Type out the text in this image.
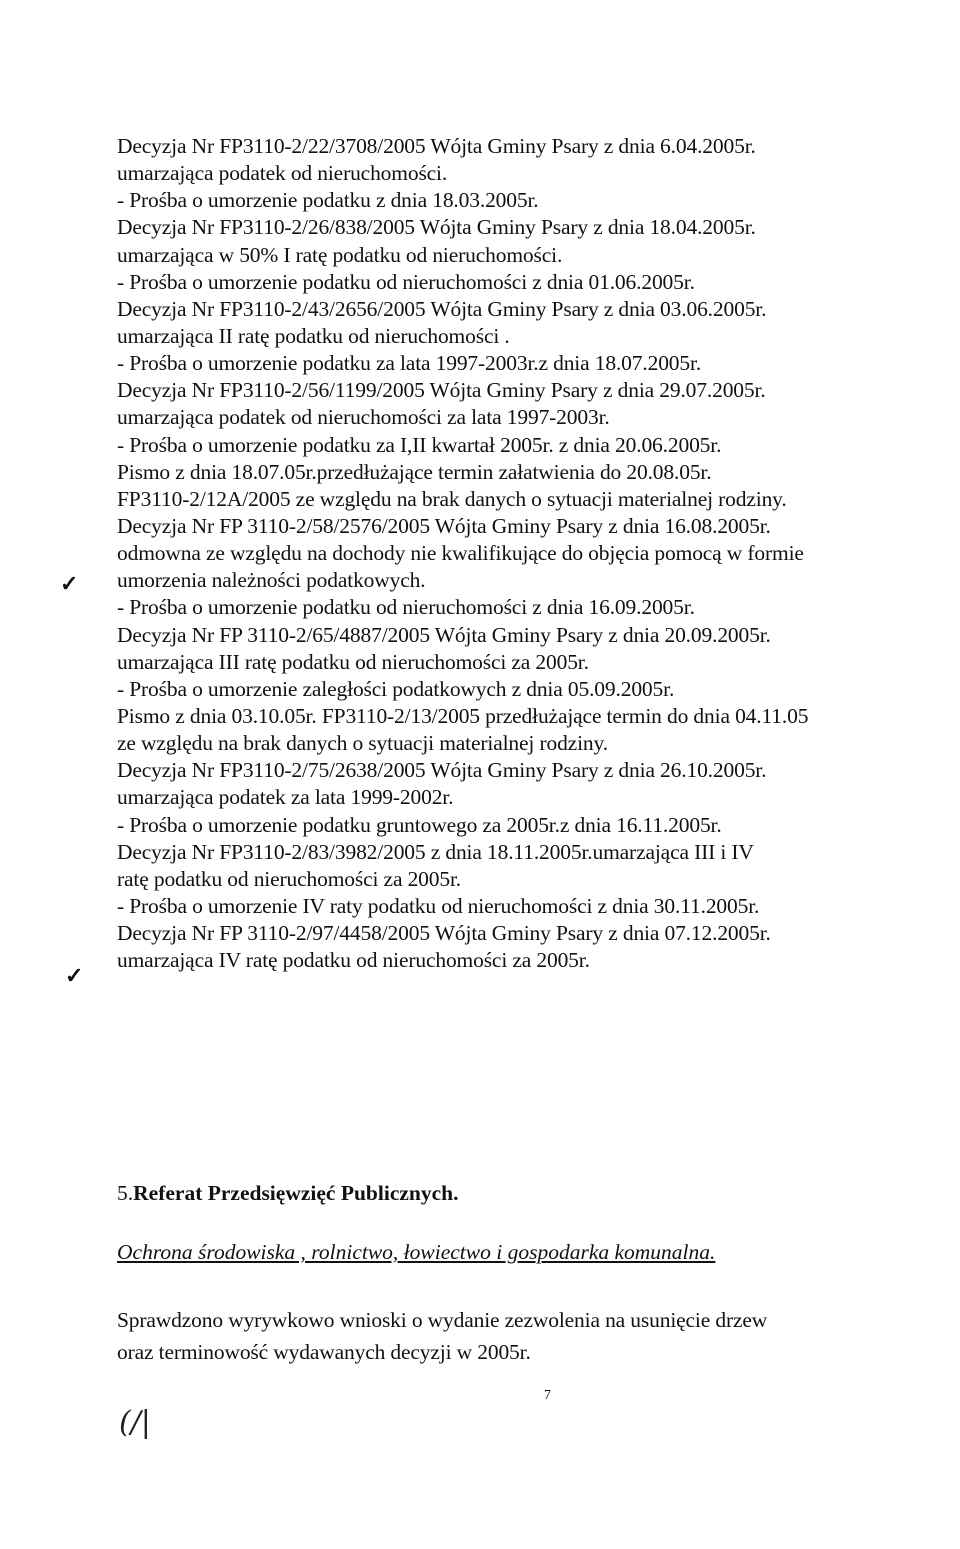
Decyzja Nr FP3110-2/22/3708/2005 Wójta Gminy Psary z dnia 6.04.2005r.
umarzająca podatek od nieruchomości.
- Prośba o umorzenie podatku z dnia 18.03.2005r.
Decyzja Nr FP3110-2/26/838/2005 Wójta Gminy Psary z dnia 18.04.2005r.
umarzająca w 50% I ratę podatku od nieruchomości.
- Prośba o umorzenie podatku od nieruchomości z dnia 01.06.2005r.
Decyzja Nr FP3110-2/43/2656/2005 Wójta Gminy Psary z dnia 03.06.2005r.
umarzająca II ratę podatku od nieruchomości .
- Prośba o umorzenie podatku za lata 1997-2003r.z dnia 18.07.2005r.
Decyzja Nr FP3110-2/56/1199/2005 Wójta Gminy Psary z dnia 29.07.2005r.
umarzająca podatek od nieruchomości za lata 1997-2003r.
- Prośba o umorzenie podatku za I,II kwartał 2005r. z dnia 20.06.2005r.
Pismo z dnia 18.07.05r.przedłużające termin załatwienia do 20.08.05r.
FP3110-2/12A/2005 ze względu na brak danych o sytuacji materialnej rodziny.
Decyzja Nr FP 3110-2/58/2576/2005 Wójta Gminy Psary z dnia 16.08.2005r.
odmowna ze względu na dochody nie kwalifikujące do objęcia pomocą w formie
umorzenia należności podatkowych.
- Prośba o umorzenie podatku od nieruchomości z dnia 16.09.2005r.
Decyzja Nr FP 3110-2/65/4887/2005 Wójta Gminy Psary z dnia 20.09.2005r.
umarzająca III ratę podatku od nieruchomości za 2005r.
- Prośba o umorzenie zaległości podatkowych z dnia 05.09.2005r.
Pismo z dnia 03.10.05r. FP3110-2/13/2005 przedłużające termin do dnia 04.11.05
ze względu na brak danych o sytuacji materialnej rodziny.
Decyzja Nr FP3110-2/75/2638/2005 Wójta Gminy Psary z dnia 26.10.2005r.
umarzająca podatek za lata 1999-2002r.
- Prośba o umorzenie podatku gruntowego za 2005r.z dnia 16.11.2005r.
Decyzja Nr FP3110-2/83/3982/2005 z dnia 18.11.2005r.umarzająca III i IV
ratę podatku od nieruchomości za 2005r.
- Prośba o umorzenie IV raty podatku od nieruchomości z dnia 30.11.2005r.
Decyzja Nr FP 3110-2/97/4458/2005 Wójta Gminy Psary z dnia 07.12.2005r.
umarzająca IV ratę podatku od nieruchomości za 2005r.
✓
✓
5.Referat Przedsięwzięć Publicznych.
Ochrona środowiska , rolnictwo, łowiectwo i gospodarka komunalna.
Sprawdzono wyrywkowo wnioski o wydanie zezwolenia na usunięcie drzew
oraz terminowość wydawanych decyzji w 2005r.
7
(/|
